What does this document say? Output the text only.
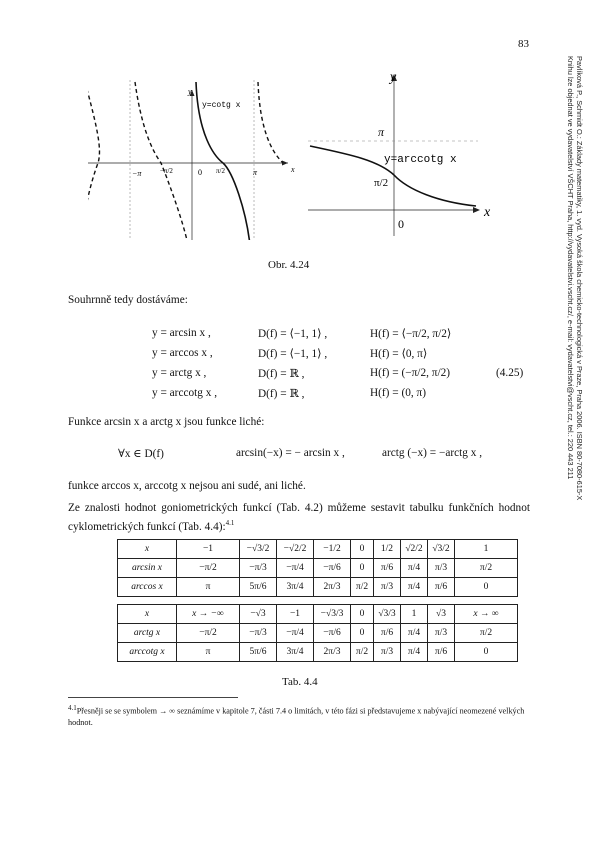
83
Pavlíková P., Schmidt O.: Základy matematiky, 1. vyd. Vysoká škola chemicko-technologická v Praze, Praha 2006. ISBN 80-7080-615-X
Knihu lze objednat ve vydavatelství VŠCHT Praha, http://vydavatelstvi.vscht.cz/, e-mail: vydavatelstvi@vscht.cz, tel.: 220 443 211
y
x
y=cotg x
−π	−π/2	0 π/2	π
y
x
y=arccotg x
π
π/2
0
Obr. 4.24
Souhrnně tedy dostáváme:
y = arcsin x ,	D(f) = ⟨−1, 1⟩ ,	H(f) = ⟨−π/2, π/2⟩
y = arccos x ,	D(f) = ⟨−1, 1⟩ ,	H(f) = ⟨0, π⟩
y = arctg x ,	D(f) = ℝ ,	H(f) = (−π/2, π/2)	(4.25)
y = arccotg x ,	D(f) = ℝ ,	H(f) = (0, π)
Funkce arcsin x a arctg x jsou funkce liché:
∀x ∈ D(f)	arcsin(−x) = − arcsin x ,	arctg (−x) = −arctg x ,
funkce arccos x, arccotg x nejsou ani sudé, ani liché.
Ze znalosti hodnot goniometrických funkcí (Tab. 4.2) můžeme sestavit tabulku funkčních hodnot cyklometrických funkcí (Tab. 4.4):$^{4.1}$
x	−1	−√3/2	−√2/2	−1/2	0	1/2	√2/2	√3/2	1
arcsin x	−π/2	−π/3	−π/4	−π/6	0	π/6	π/4	π/3	π/2
arccos x	π	5π/6	3π/4	2π/3	π/2	π/3	π/4	π/6	0
x	x → −∞	−√3	−1	−√3/3	0	√3/3	1	√3	x → ∞
arctg x	−π/2	−π/3	−π/4	−π/6	0	π/6	π/4	π/3	π/2
arccotg x	π	5π/6	3π/4	2π/3	π/2	π/3	π/4	π/6	0
Tab. 4.4
$^{4.1}$Přesněji se se symbolem → ∞ seznámíme v kapitole 7, části 7.4 o limitách, v této fázi si představujeme x nabývající neomezené velkých hodnot.
